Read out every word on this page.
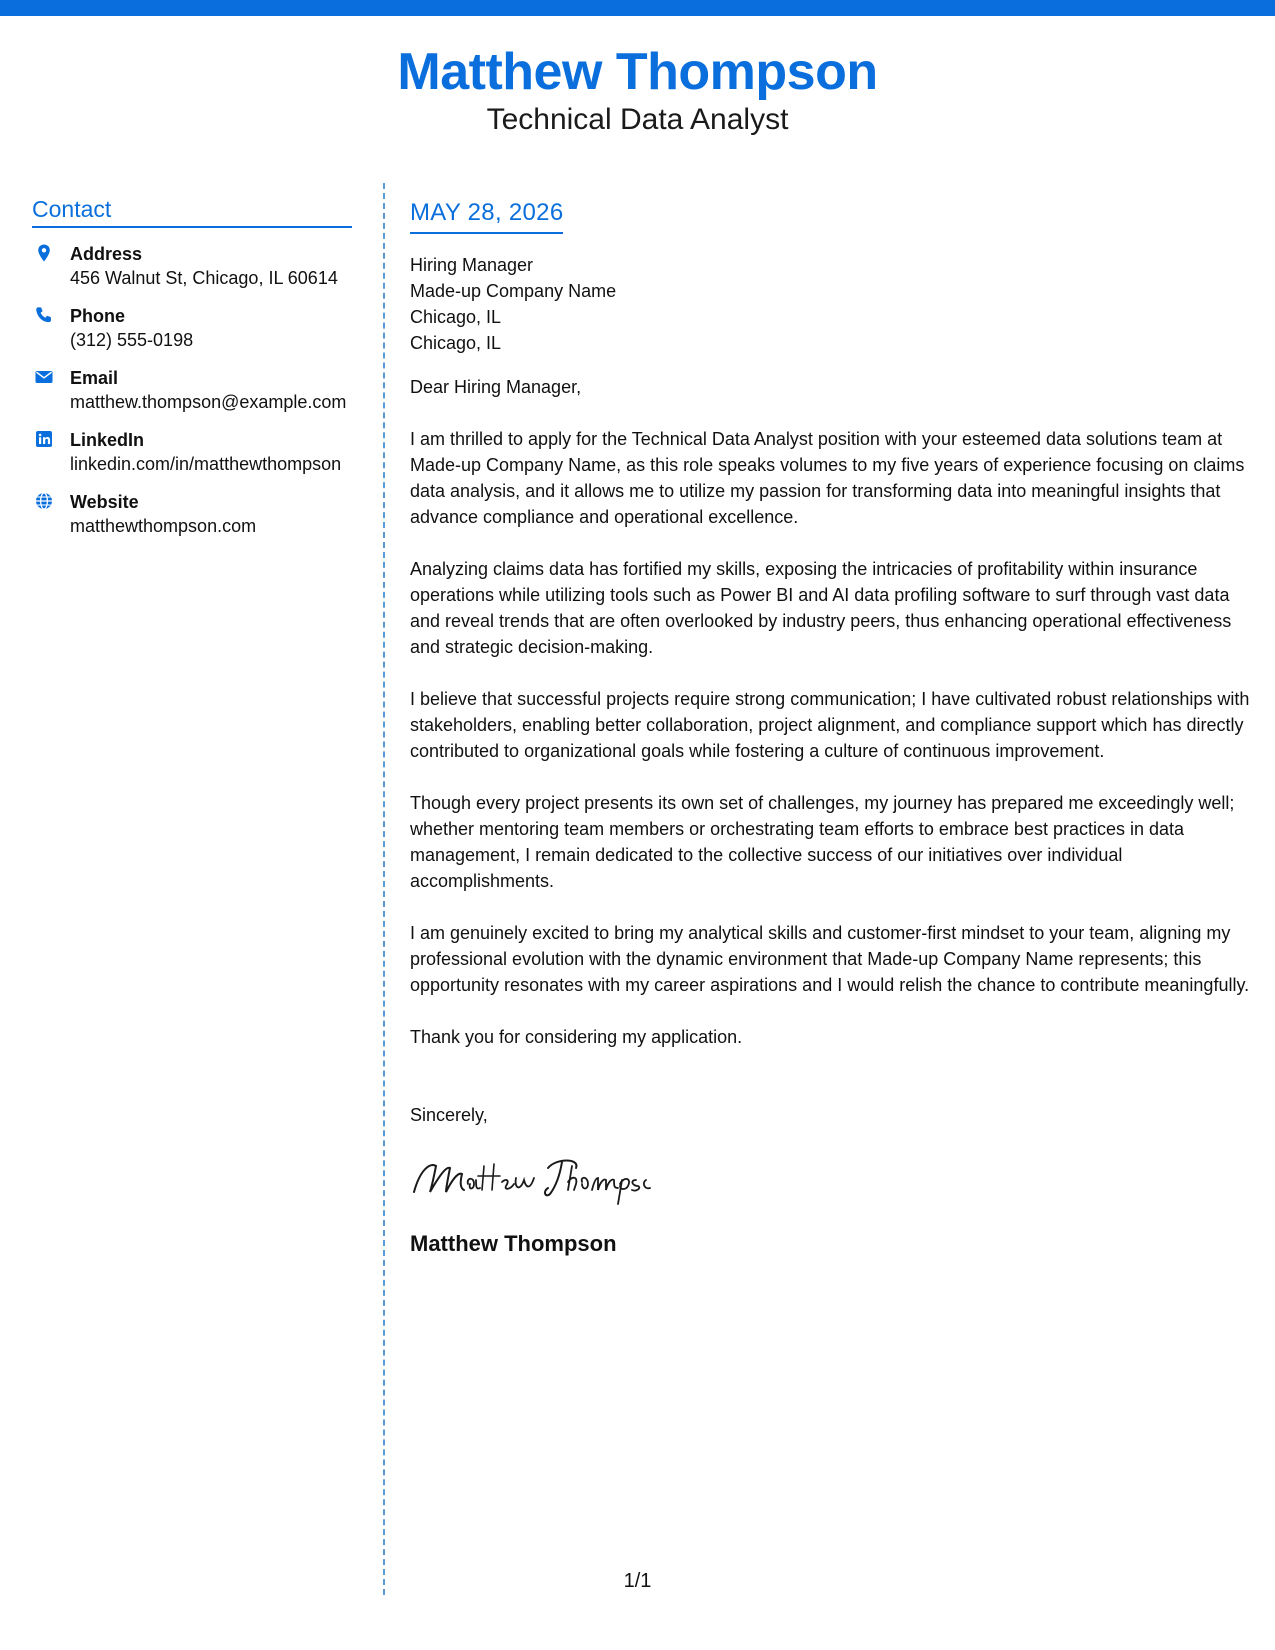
Matthew Thompson
Technical Data Analyst
Contact
Address
456 Walnut St, Chicago, IL 60614
Phone
(312) 555-0198
Email
matthew.thompson@example.com
LinkedIn
linkedin.com/in/matthewthompson
Website
matthewthompson.com
MAY 28, 2026
Hiring Manager
Made-up Company Name
Chicago, IL
Chicago, IL
Dear Hiring Manager,
I am thrilled to apply for the Technical Data Analyst position with your esteemed data solutions team at Made-up Company Name, as this role speaks volumes to my five years of experience focusing on claims data analysis, and it allows me to utilize my passion for transforming data into meaningful insights that advance compliance and operational excellence.
Analyzing claims data has fortified my skills, exposing the intricacies of profitability within insurance operations while utilizing tools such as Power BI and AI data profiling software to surf through vast data and reveal trends that are often overlooked by industry peers, thus enhancing operational effectiveness and strategic decision-making.
I believe that successful projects require strong communication; I have cultivated robust relationships with stakeholders, enabling better collaboration, project alignment, and compliance support which has directly contributed to organizational goals while fostering a culture of continuous improvement.
Though every project presents its own set of challenges, my journey has prepared me exceedingly well; whether mentoring team members or orchestrating team efforts to embrace best practices in data management, I remain dedicated to the collective success of our initiatives over individual accomplishments.
I am genuinely excited to bring my analytical skills and customer-first mindset to your team, aligning my professional evolution with the dynamic environment that Made-up Company Name represents; this opportunity resonates with my career aspirations and I would relish the chance to contribute meaningfully.
Thank you for considering my application.
Sincerely,
Matthew Thompson
1/1
